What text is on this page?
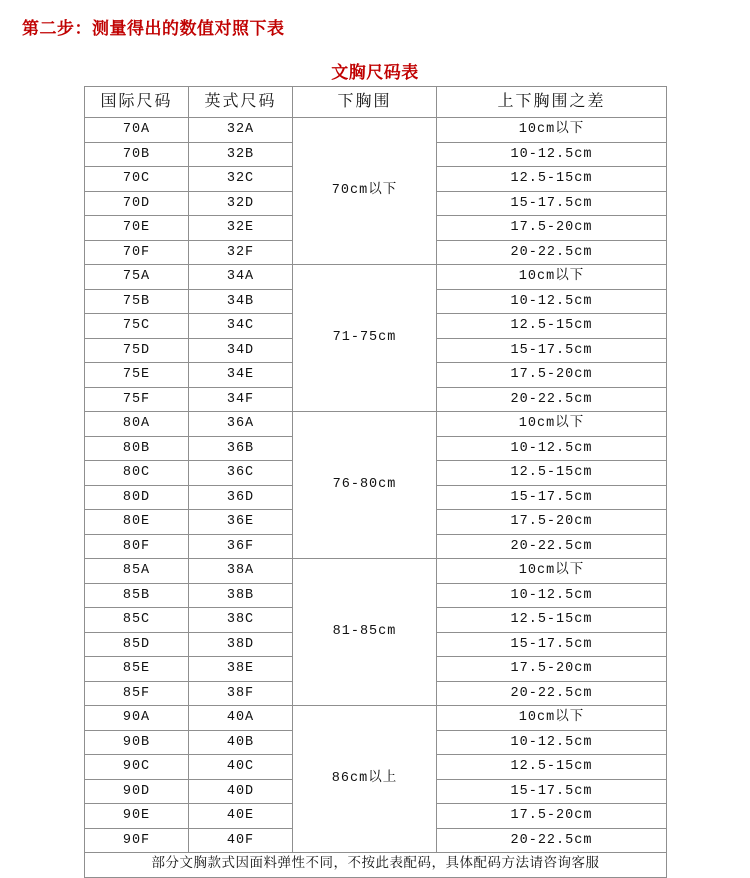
第二步：测量得出的数值对照下表
文胸尺码表
国际尺码	英式尺码	下胸围	上下胸围之差
70A	32A	70cm以下	10cm以下
70B	32B		10-12.5cm
70C	32C		12.5-15cm
70D	32D		15-17.5cm
70E	32E		17.5-20cm
70F	32F		20-22.5cm
75A	34A	71-75cm	10cm以下
75B	34B		10-12.5cm
75C	34C		12.5-15cm
75D	34D		15-17.5cm
75E	34E		17.5-20cm
75F	34F		20-22.5cm
80A	36A	76-80cm	10cm以下
80B	36B		10-12.5cm
80C	36C		12.5-15cm
80D	36D		15-17.5cm
80E	36E		17.5-20cm
80F	36F		20-22.5cm
85A	38A	81-85cm	10cm以下
85B	38B		10-12.5cm
85C	38C		12.5-15cm
85D	38D		15-17.5cm
85E	38E		17.5-20cm
85F	38F		20-22.5cm
90A	40A	86cm以上	10cm以下
90B	40B		10-12.5cm
90C	40C		12.5-15cm
90D	40D		15-17.5cm
90E	40E		17.5-20cm
90F	40F		20-22.5cm
部分文胸款式因面料弹性不同，不按此表配码，具体配码方法请咨询客服			
